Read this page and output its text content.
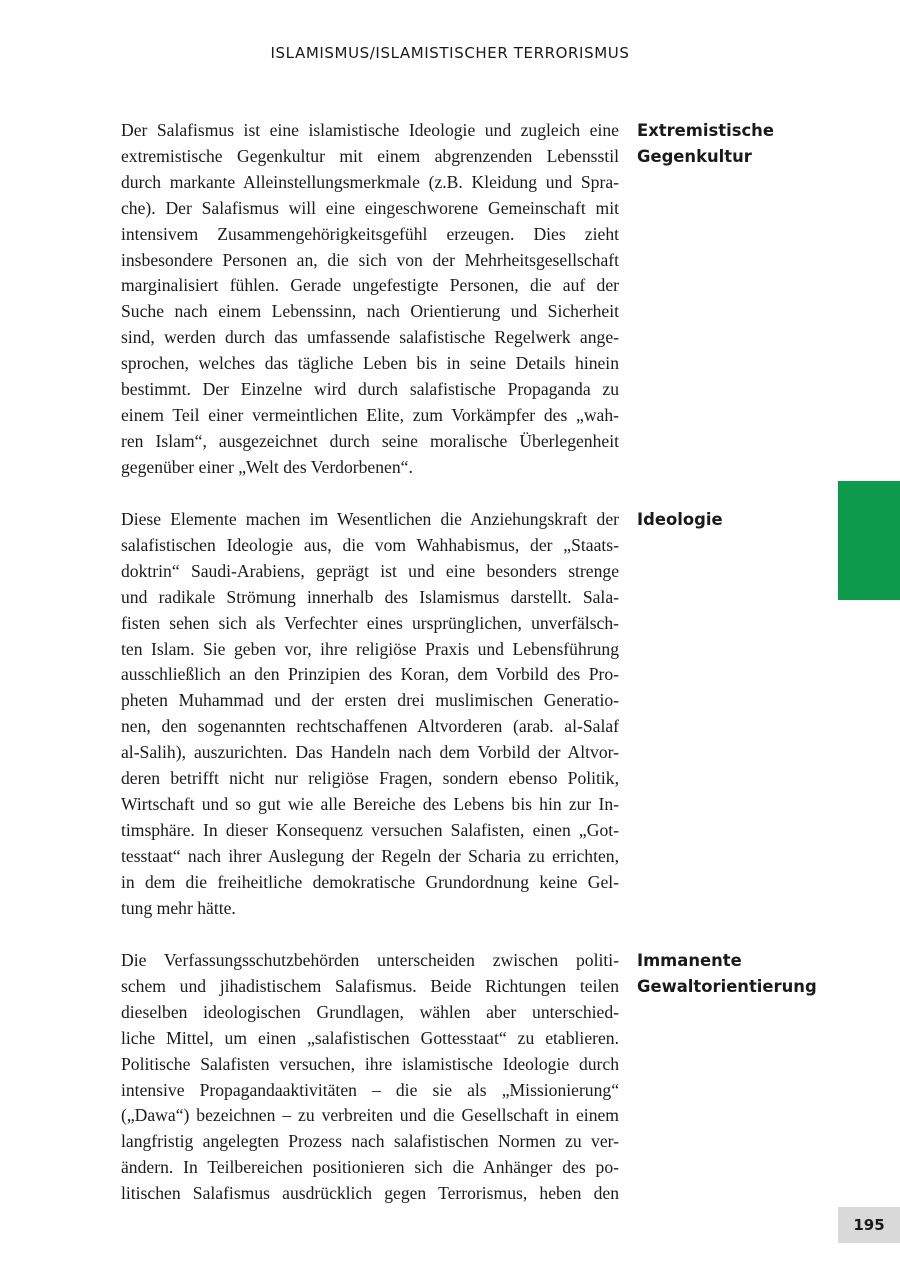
ISLAMISMUS/ISLAMISTISCHER TERRORISMUS
Der Salafismus ist eine islamistische Ideologie und zugleich eine
extremistische Gegenkultur mit einem abgrenzenden Lebensstil
durch markante Alleinstellungsmerkmale (z.B. Kleidung und Spra-
che). Der Salafismus will eine eingeschworene Gemeinschaft mit
intensivem Zusammengehörigkeitsgefühl erzeugen. Dies zieht
insbesondere Personen an, die sich von der Mehrheitsgesellschaft
marginalisiert fühlen. Gerade ungefestigte Personen, die auf der
Suche nach einem Lebenssinn, nach Orientierung und Sicherheit
sind, werden durch das umfassende salafistische Regelwerk ange-
sprochen, welches das tägliche Leben bis in seine Details hinein
bestimmt. Der Einzelne wird durch salafistische Propaganda zu
einem Teil einer vermeintlichen Elite, zum Vorkämpfer des „wah-
ren Islam“, ausgezeichnet durch seine moralische Überlegenheit
gegenüber einer „Welt des Verdorbenen“.
Extremistische
Gegenkultur
Diese Elemente machen im Wesentlichen die Anziehungskraft der
salafistischen Ideologie aus, die vom Wahhabismus, der „Staats-
doktrin“ Saudi-Arabiens, geprägt ist und eine besonders strenge
und radikale Strömung innerhalb des Islamismus darstellt. Sala-
fisten sehen sich als Verfechter eines ursprünglichen, unverfälsch-
ten Islam. Sie geben vor, ihre religiöse Praxis und Lebensführung
ausschließlich an den Prinzipien des Koran, dem Vorbild des Pro-
pheten Muhammad und der ersten drei muslimischen Generatio-
nen, den sogenannten rechtschaffenen Altvorderen (arab. al-Salaf
al-Salih), auszurichten. Das Handeln nach dem Vorbild der Altvor-
deren betrifft nicht nur religiöse Fragen, sondern ebenso Politik,
Wirtschaft und so gut wie alle Bereiche des Lebens bis hin zur In-
timsphäre. In dieser Konsequenz versuchen Salafisten, einen „Got-
tesstaat“ nach ihrer Auslegung der Regeln der Scharia zu errichten,
in dem die freiheitliche demokratische Grundordnung keine Gel-
tung mehr hätte.
Ideologie
Die Verfassungsschutzbehörden unterscheiden zwischen politi-
schem und jihadistischem Salafismus. Beide Richtungen teilen
dieselben ideologischen Grundlagen, wählen aber unterschied-
liche Mittel, um einen „salafistischen Gottesstaat“ zu etablieren.
Politische Salafisten versuchen, ihre islamistische Ideologie durch
intensive Propagandaaktivitäten – die sie als „Missionierung“
(„Dawa“) bezeichnen – zu verbreiten und die Gesellschaft in einem
langfristig angelegten Prozess nach salafistischen Normen zu ver-
ändern. In Teilbereichen positionieren sich die Anhänger des po-
litischen Salafismus ausdrücklich gegen Terrorismus, heben den
Immanente
Gewaltorientierung
195
